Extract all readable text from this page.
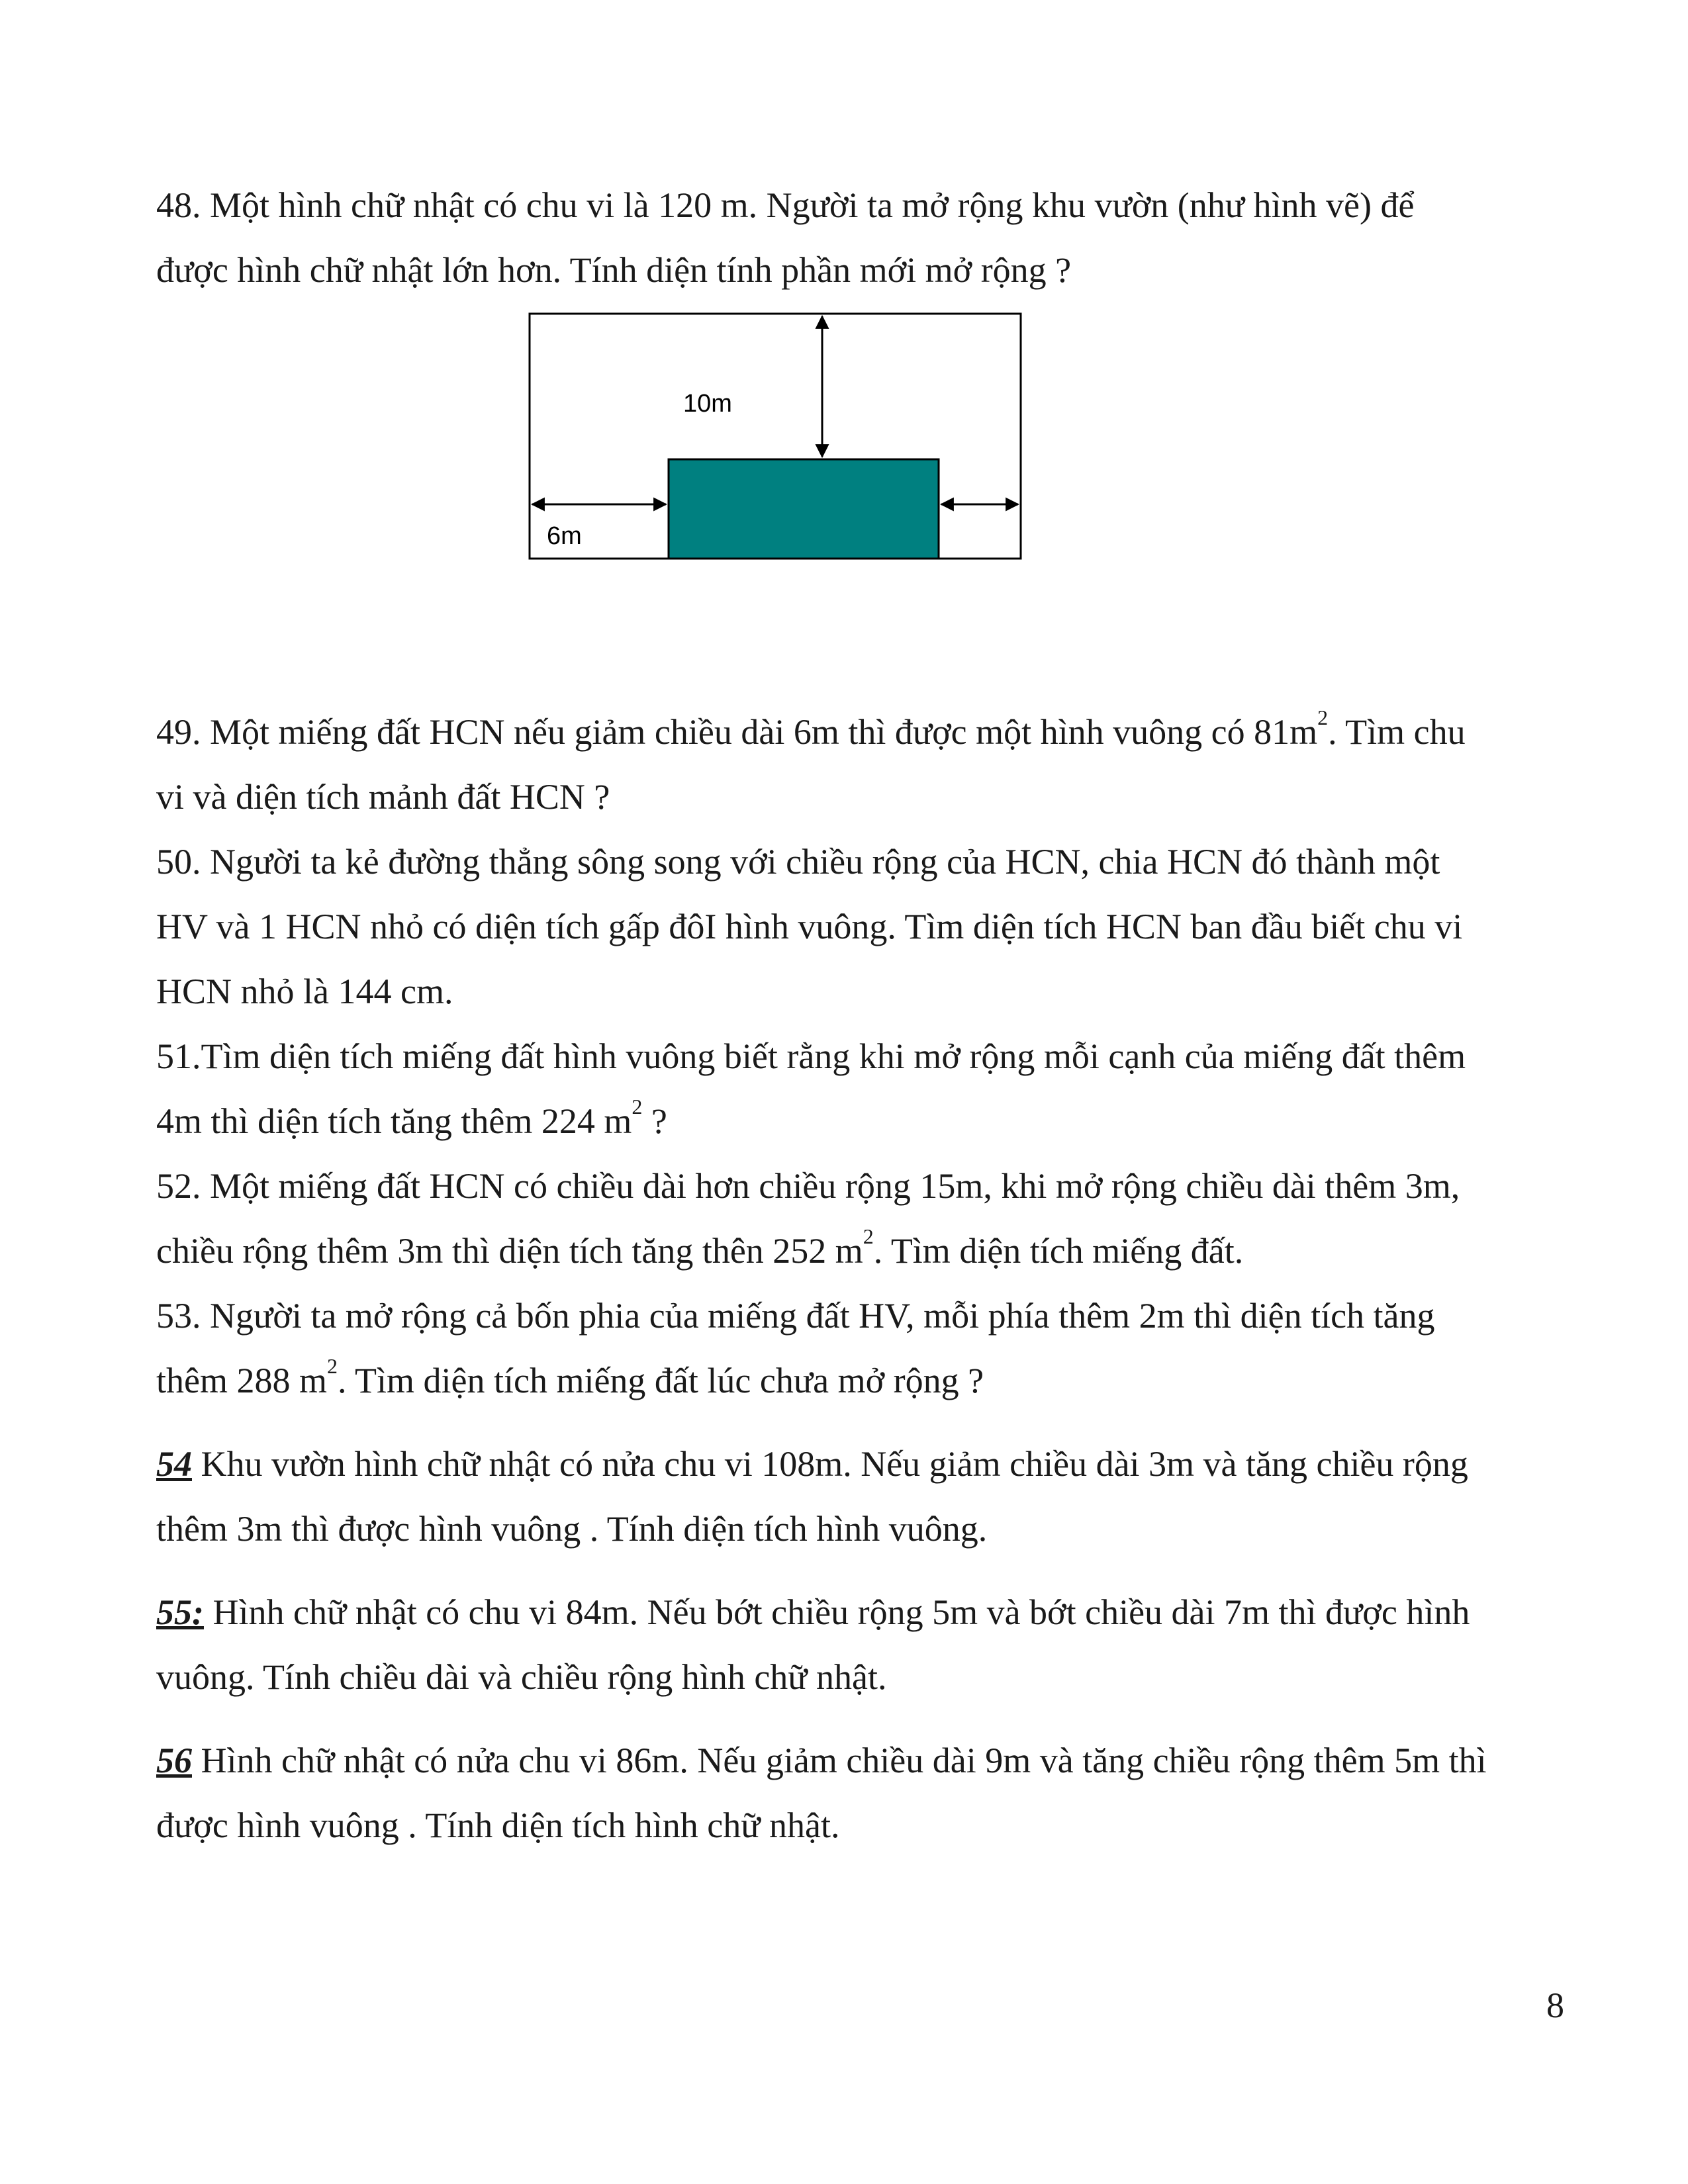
48. Một hình chữ nhật có chu vi là 120 m. Người ta mở rộng khu vườn (như hình vẽ) để
được hình chữ nhật lớn hơn. Tính diện tính phần mới mở rộng ?
10m
6m
49. Một miếng đất HCN nếu giảm chiều dài 6m thì được một hình vuông có $81m^2$. Tìm chu
vi và diện tích mảnh đất HCN ?
50. Người ta kẻ đường thẳng sông song với chiều rộng của HCN, chia HCN đó thành một
HV và 1 HCN nhỏ có diện tích gấp đôI hình vuông. Tìm diện tích HCN ban đầu biết chu vi
HCN nhỏ là 144 cm.
51.Tìm diện tích miếng đất hình vuông biết rằng khi mở rộng mỗi cạnh của miếng đất thêm
4m thì diện tích tăng thêm 224 $m^2$ ?
52. Một miếng đất HCN có chiều dài hơn chiều rộng 15m, khi mở rộng chiều dài thêm 3m,
chiều rộng thêm 3m thì diện tích tăng thên 252 $m^2$. Tìm diện tích miếng đất.
53. Người ta mở rộng cả bốn phia của miếng đất HV, mỗi phía thêm 2m thì diện tích tăng
thêm 288 $m^2$. Tìm diện tích miếng đất lúc chưa mở rộng ?
54 Khu vườn hình chữ nhật có nửa chu vi 108m. Nếu giảm chiều dài 3m và tăng chiều rộng
thêm 3m thì được hình vuông . Tính diện tích hình vuông.
55: Hình chữ nhật có chu vi 84m. Nếu bớt chiều rộng 5m và bớt chiều dài 7m thì được hình
vuông. Tính chiều dài và chiều rộng hình chữ nhật.
56 Hình chữ nhật có nửa chu vi 86m. Nếu giảm chiều dài 9m và tăng chiều rộng thêm 5m thì
được hình vuông . Tính diện tích hình chữ nhật.
8
